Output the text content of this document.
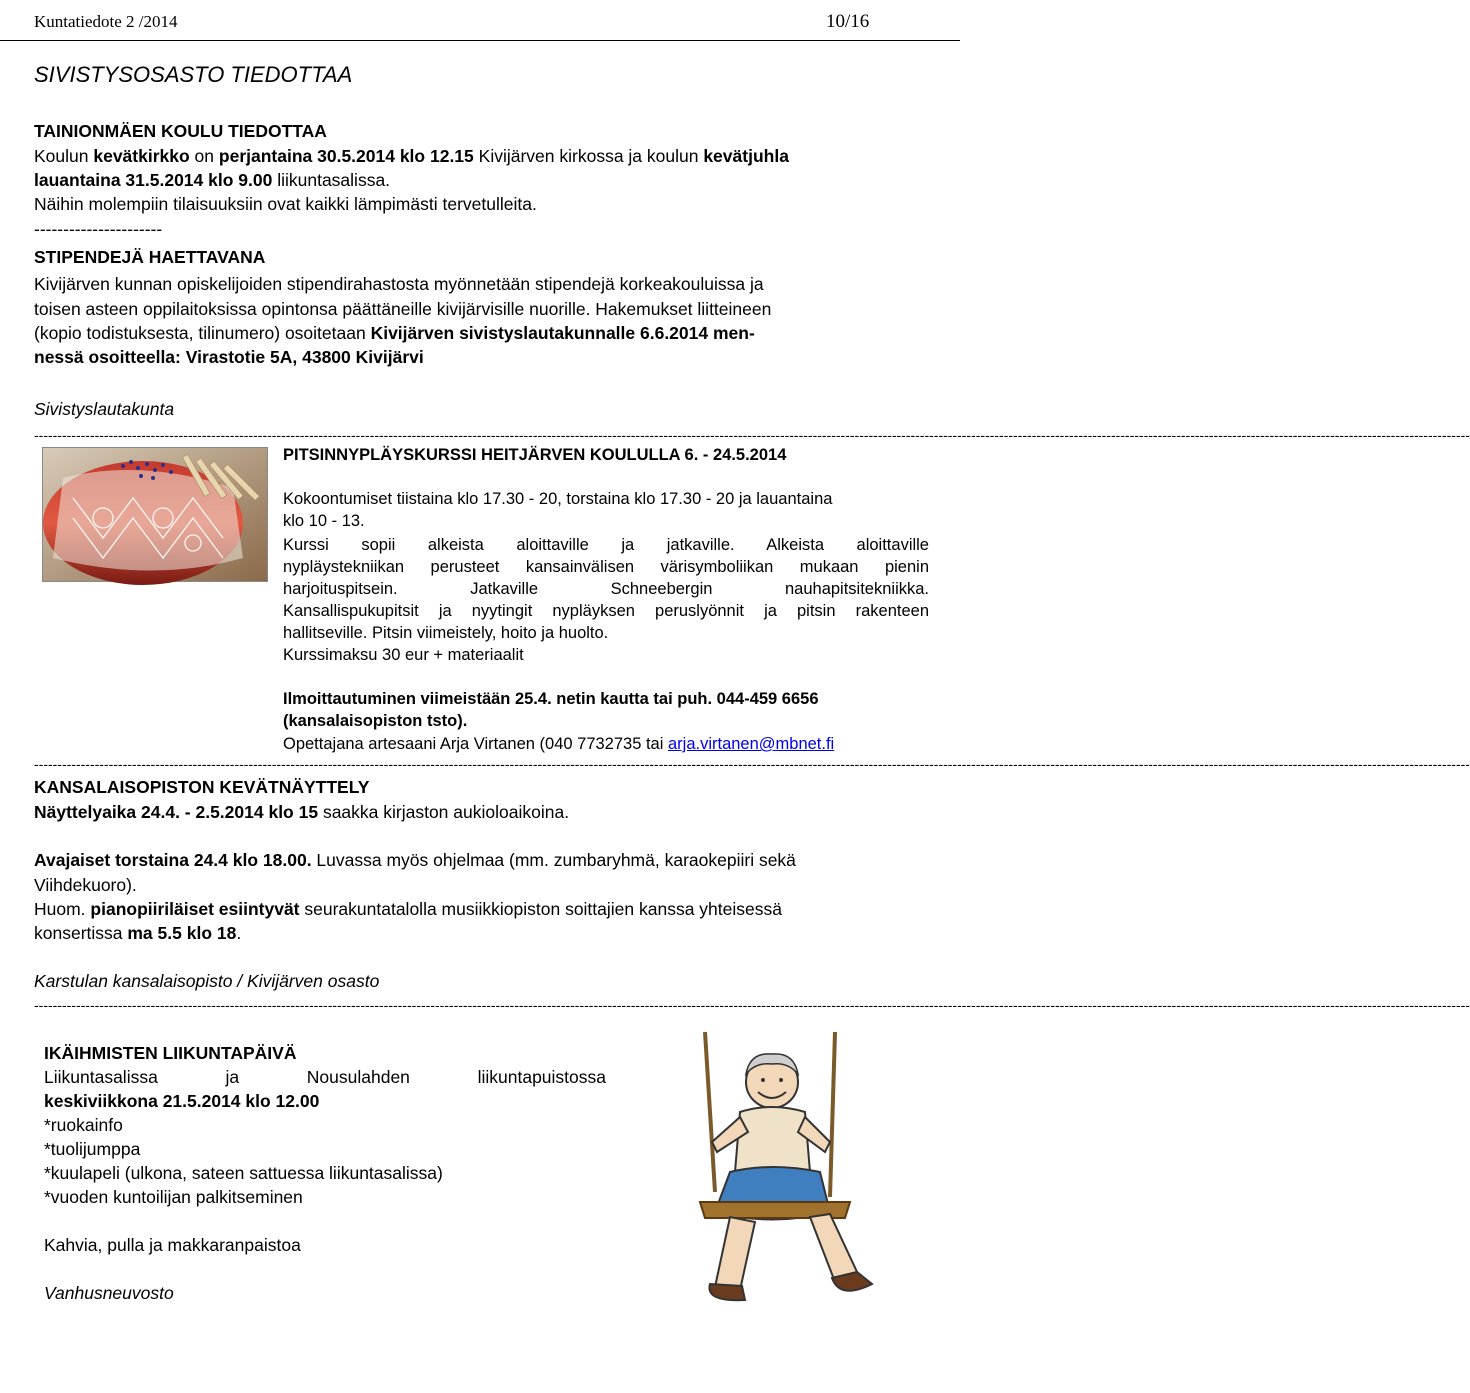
Kuntatiedote 2 /2014	10/16
SIVISTYSOSASTO TIEDOTTAA
TAINIONMÄEN KOULU TIEDOTTAA
Koulun kevätkirkko on perjantaina 30.5.2014 klo 12.15 Kivijärven kirkossa ja koulun kevätjuhla
lauantaina 31.5.2014 klo 9.00 liikuntasalissa.
Näihin molempiin tilaisuuksiin ovat kaikki lämpimästi tervetulleita.
----------------------
STIPENDEJÄ HAETTAVANA
Kivijärven kunnan opiskelijoiden stipendirahastosta myönnetään stipendejä korkeakouluissa ja
toisen asteen oppilaitoksissa opintonsa päättäneille kivijärvisille nuorille. Hakemukset liitteineen
(kopio todistuksesta, tilinumero) osoitetaan Kivijärven sivistyslautakunnalle 6.6.2014 men-
nessä osoitteella: Virastotie 5A, 43800 Kivijärvi
Sivistyslautakunta
--------------------------------------------------------------------------------------------------------------------------------------------------------------------------------------------------------------------------------------------------------------------------------------------------------------------
PITSINNYPLÄYSKURSSI HEITJÄRVEN KOULULLA 6. - 24.5.2014
Kokoontumiset tiistaina klo 17.30 - 20, torstaina klo 17.30 - 20 ja lauantaina
klo 10 - 13.
Kurssi sopii alkeista aloittaville ja jatkaville. Alkeista aloittaville
nypläystekniikan perusteet kansainvälisen värisymboliikan mukaan pienin
harjoituspitsein. Jatkaville Schneebergin nauhapitsitekniikka.
Kansallispukupitsit ja nyytingit nypläyksen peruslyönnit ja pitsin rakenteen
hallitseville. Pitsin viimeistely, hoito ja huolto.
Kurssimaksu 30 eur + materiaalit
Ilmoittautuminen viimeistään 25.4. netin kautta tai puh. 044-459 6656
(kansalaisopiston tsto).
Opettajana artesaani Arja Virtanen (040 7732735 tai arja.virtanen@mbnet.fi
--------------------------------------------------------------------------------------------------------------------------------------------------------------------------------------------------------------------------------------------------------------------------------------------------------------------
KANSALAISOPISTON KEVÄTNÄYTTELY
Näyttelyaika 24.4. - 2.5.2014 klo 15 saakka kirjaston aukioloaikoina.
Avajaiset torstaina 24.4 klo 18.00. Luvassa myös ohjelmaa (mm. zumbaryhmä, karaokepiiri sekä
Viihdekuoro).
Huom. pianopiiriläiset esiintyvät seurakuntatalolla musiikkiopiston soittajien kanssa yhteisessä
konsertissa ma 5.5 klo 18.
Karstulan kansalaisopisto / Kivijärven osasto
--------------------------------------------------------------------------------------------------------------------------------------------------------------------------------------------------------------------------------------------------------------------------------------------------------------------
IKÄIHMISTEN LIIKUNTAPÄIVÄ
Liikuntasalissa ja Nousulahden liikuntapuistossa
keskiviikkona 21.5.2014 klo 12.00
*ruokainfo
*tuolijumppa
*kuulapeli (ulkona, sateen sattuessa liikuntasalissa)
*vuoden kuntoilijan palkitseminen
Kahvia, pulla ja makkaranpaistoa
Vanhusneuvosto
